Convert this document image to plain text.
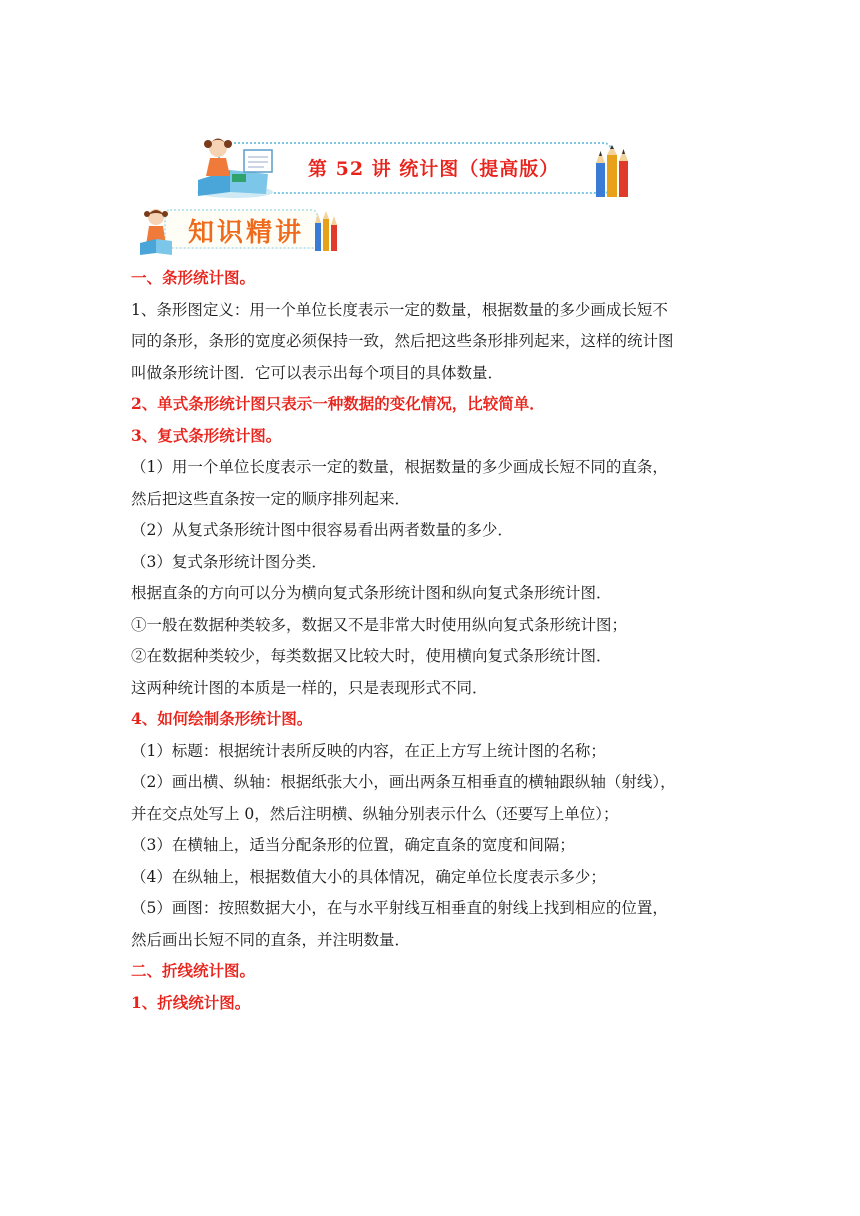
第 52 讲 统计图（提高版）
知识精讲

一、条形统计图。

1、条形图定义：用一个单位长度表示一定的数量，根据数量的多少画成长短不

同的条形，条形的宽度必须保持一致，然后把这些条形排列起来，这样的统计图

叫做条形统计图．它可以表示出每个项目的具体数量．

2、单式条形统计图只表示一种数据的变化情况，比较简单．

3、复式条形统计图。

（1）用一个单位长度表示一定的数量，根据数量的多少画成长短不同的直条，

然后把这些直条按一定的顺序排列起来．

（2）从复式条形统计图中很容易看出两者数量的多少．

（3）复式条形统计图分类．

根据直条的方向可以分为横向复式条形统计图和纵向复式条形统计图．

①一般在数据种类较多，数据又不是非常大时使用纵向复式条形统计图；

②在数据种类较少，每类数据又比较大时，使用横向复式条形统计图．

这两种统计图的本质是一样的，只是表现形式不同．

4、如何绘制条形统计图。

（1）标题：根据统计表所反映的内容，在正上方写上统计图的名称；

（2）画出横、纵轴：根据纸张大小，画出两条互相垂直的横轴跟纵轴（射线），

并在交点处写上 0，然后注明横、纵轴分别表示什么（还要写上单位）；

（3）在横轴上，适当分配条形的位置，确定直条的宽度和间隔；

（4）在纵轴上，根据数值大小的具体情况，确定单位长度表示多少；

（5）画图：按照数据大小，在与水平射线互相垂直的射线上找到相应的位置，

然后画出长短不同的直条，并注明数量．

二、折线统计图。

1、折线统计图。
